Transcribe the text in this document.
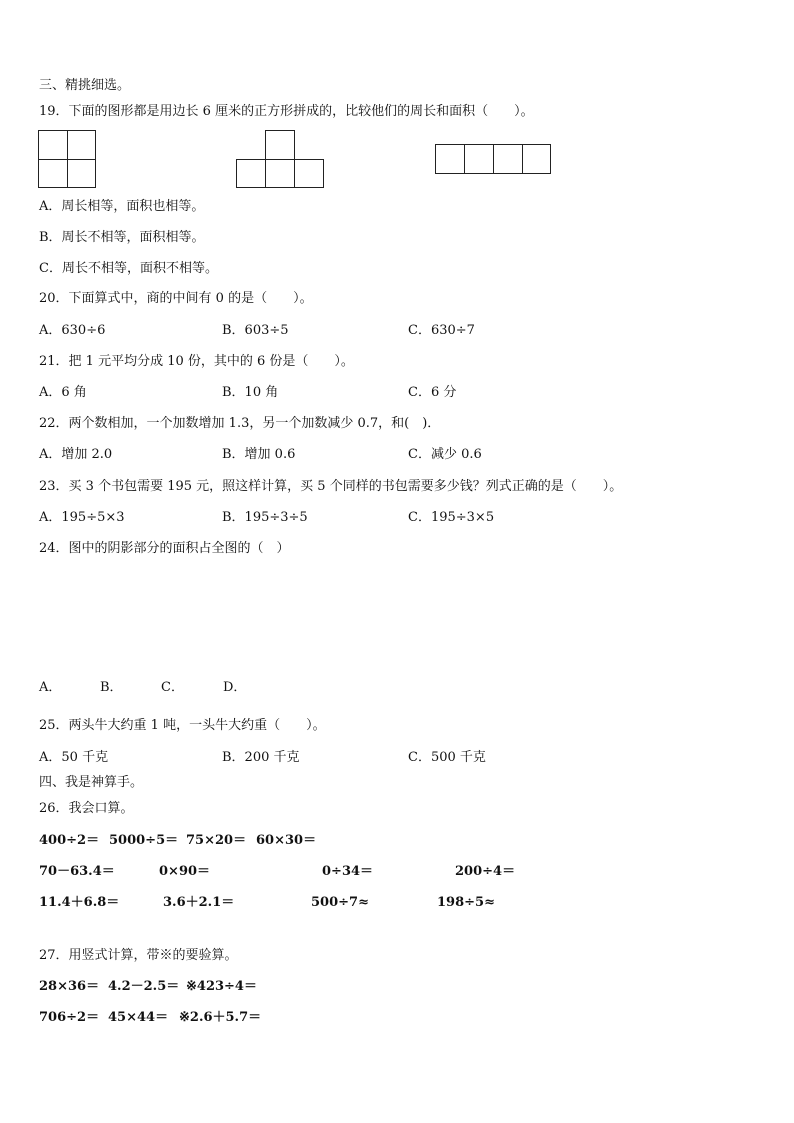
三、精挑细选。
19．下面的图形都是用边长 6 厘米的正方形拼成的，比较他们的周长和面积（　　）。
A．周长相等，面积也相等。
B．周长不相等，面积相等。
C．周长不相等，面积不相等。
20．下面算式中，商的中间有 0 的是（　　）。
A．630÷6	B．603÷5	C．630÷7
21．把 1 元平均分成 10 份，其中的 6 份是（　　）。
A．6 角	B．10 角	C．6 分
22．两个数相加，一个加数增加 1.3，另一个加数减少 0.7，和(　)．
A．增加 2.0	B．增加 0.6	C．减少 0.6
23．买 3 个书包需要 195 元，照这样计算，买 5 个同样的书包需要多少钱？列式正确的是（　　）。
A．195÷5×3	B．195÷3÷5	C．195÷3×5
24．图中的阴影部分的面积占全图的（　）
A．	B．	C．	D．
25．两头牛大约重 1 吨，一头牛大约重（　　）。
A．50 千克	B．200 千克	C．500 千克
四、我是神算手。
26．我会口算。
400÷2＝ 5000÷5＝ 75×20＝ 60×30＝
70－63.4＝	0×90＝	0÷34＝	200÷4＝
11.4＋6.8＝	3.6＋2.1＝	500÷7≈	198÷5≈
27．用竖式计算，带※的要验算。
28×36＝ 4.2－2.5＝ ※423÷4＝
706÷2＝ 45×44＝ ※2.6＋5.7＝
